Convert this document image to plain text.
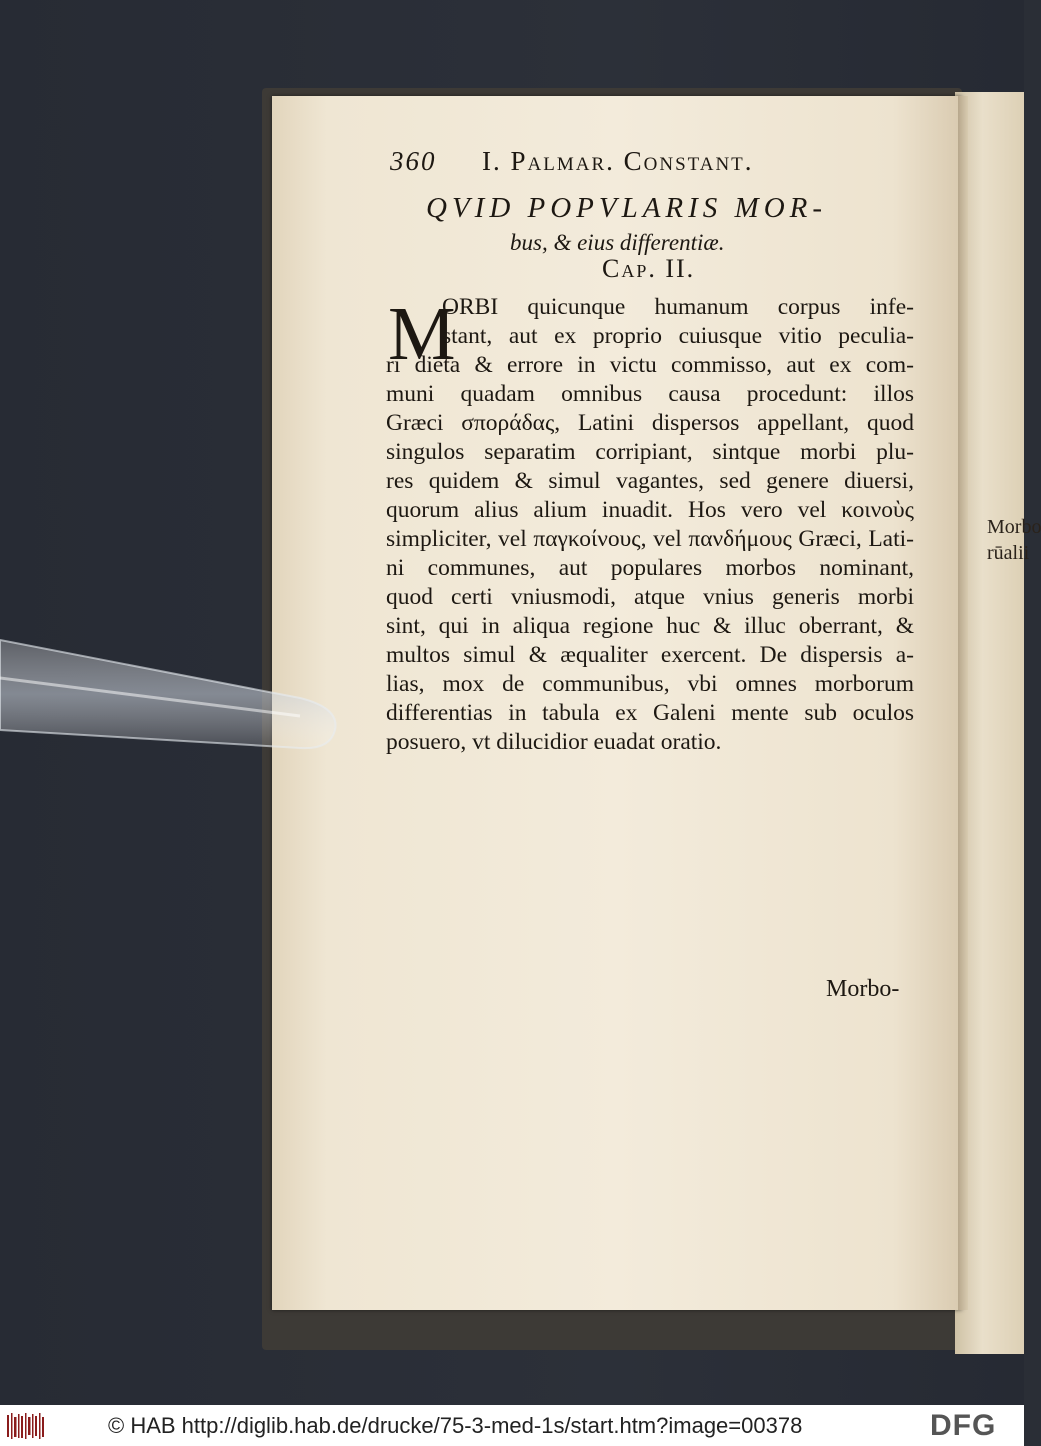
Morbo
rūalii
360 I. Palmar. Constant.
QVID POPVLARIS MOR-
bus, & eius differentiæ.
Cap. II.
M
ORBI quicunque humanum corpus infe-
stant, aut ex proprio cuiusque vitio peculia-
ri dieta & errore in victu commisso, aut ex com-
muni quadam omnibus causa procedunt: illos
Græci σποράδας, Latini dispersos appellant, quod
singulos separatim corripiant, sintque morbi plu-
res quidem & simul vagantes, sed genere diuersi,
quorum alius alium inuadit. Hos vero vel κοινοὺς
simpliciter, vel παγκοίνους, vel πανδήμους Græci, Lati-
ni communes, aut populares morbos nominant,
quod certi vniusmodi, atque vnius generis morbi
sint, qui in aliqua regione huc & illuc oberrant, &
multos simul & æqualiter exercent. De dispersis a-
lias, mox de communibus, vbi omnes morborum
differentias in tabula ex Galeni mente sub oculos
posuero, vt dilucidior euadat oratio.
Morbo-
© HAB http://diglib.hab.de/drucke/75-3-med-1s/start.htm?image=00378	DFG
